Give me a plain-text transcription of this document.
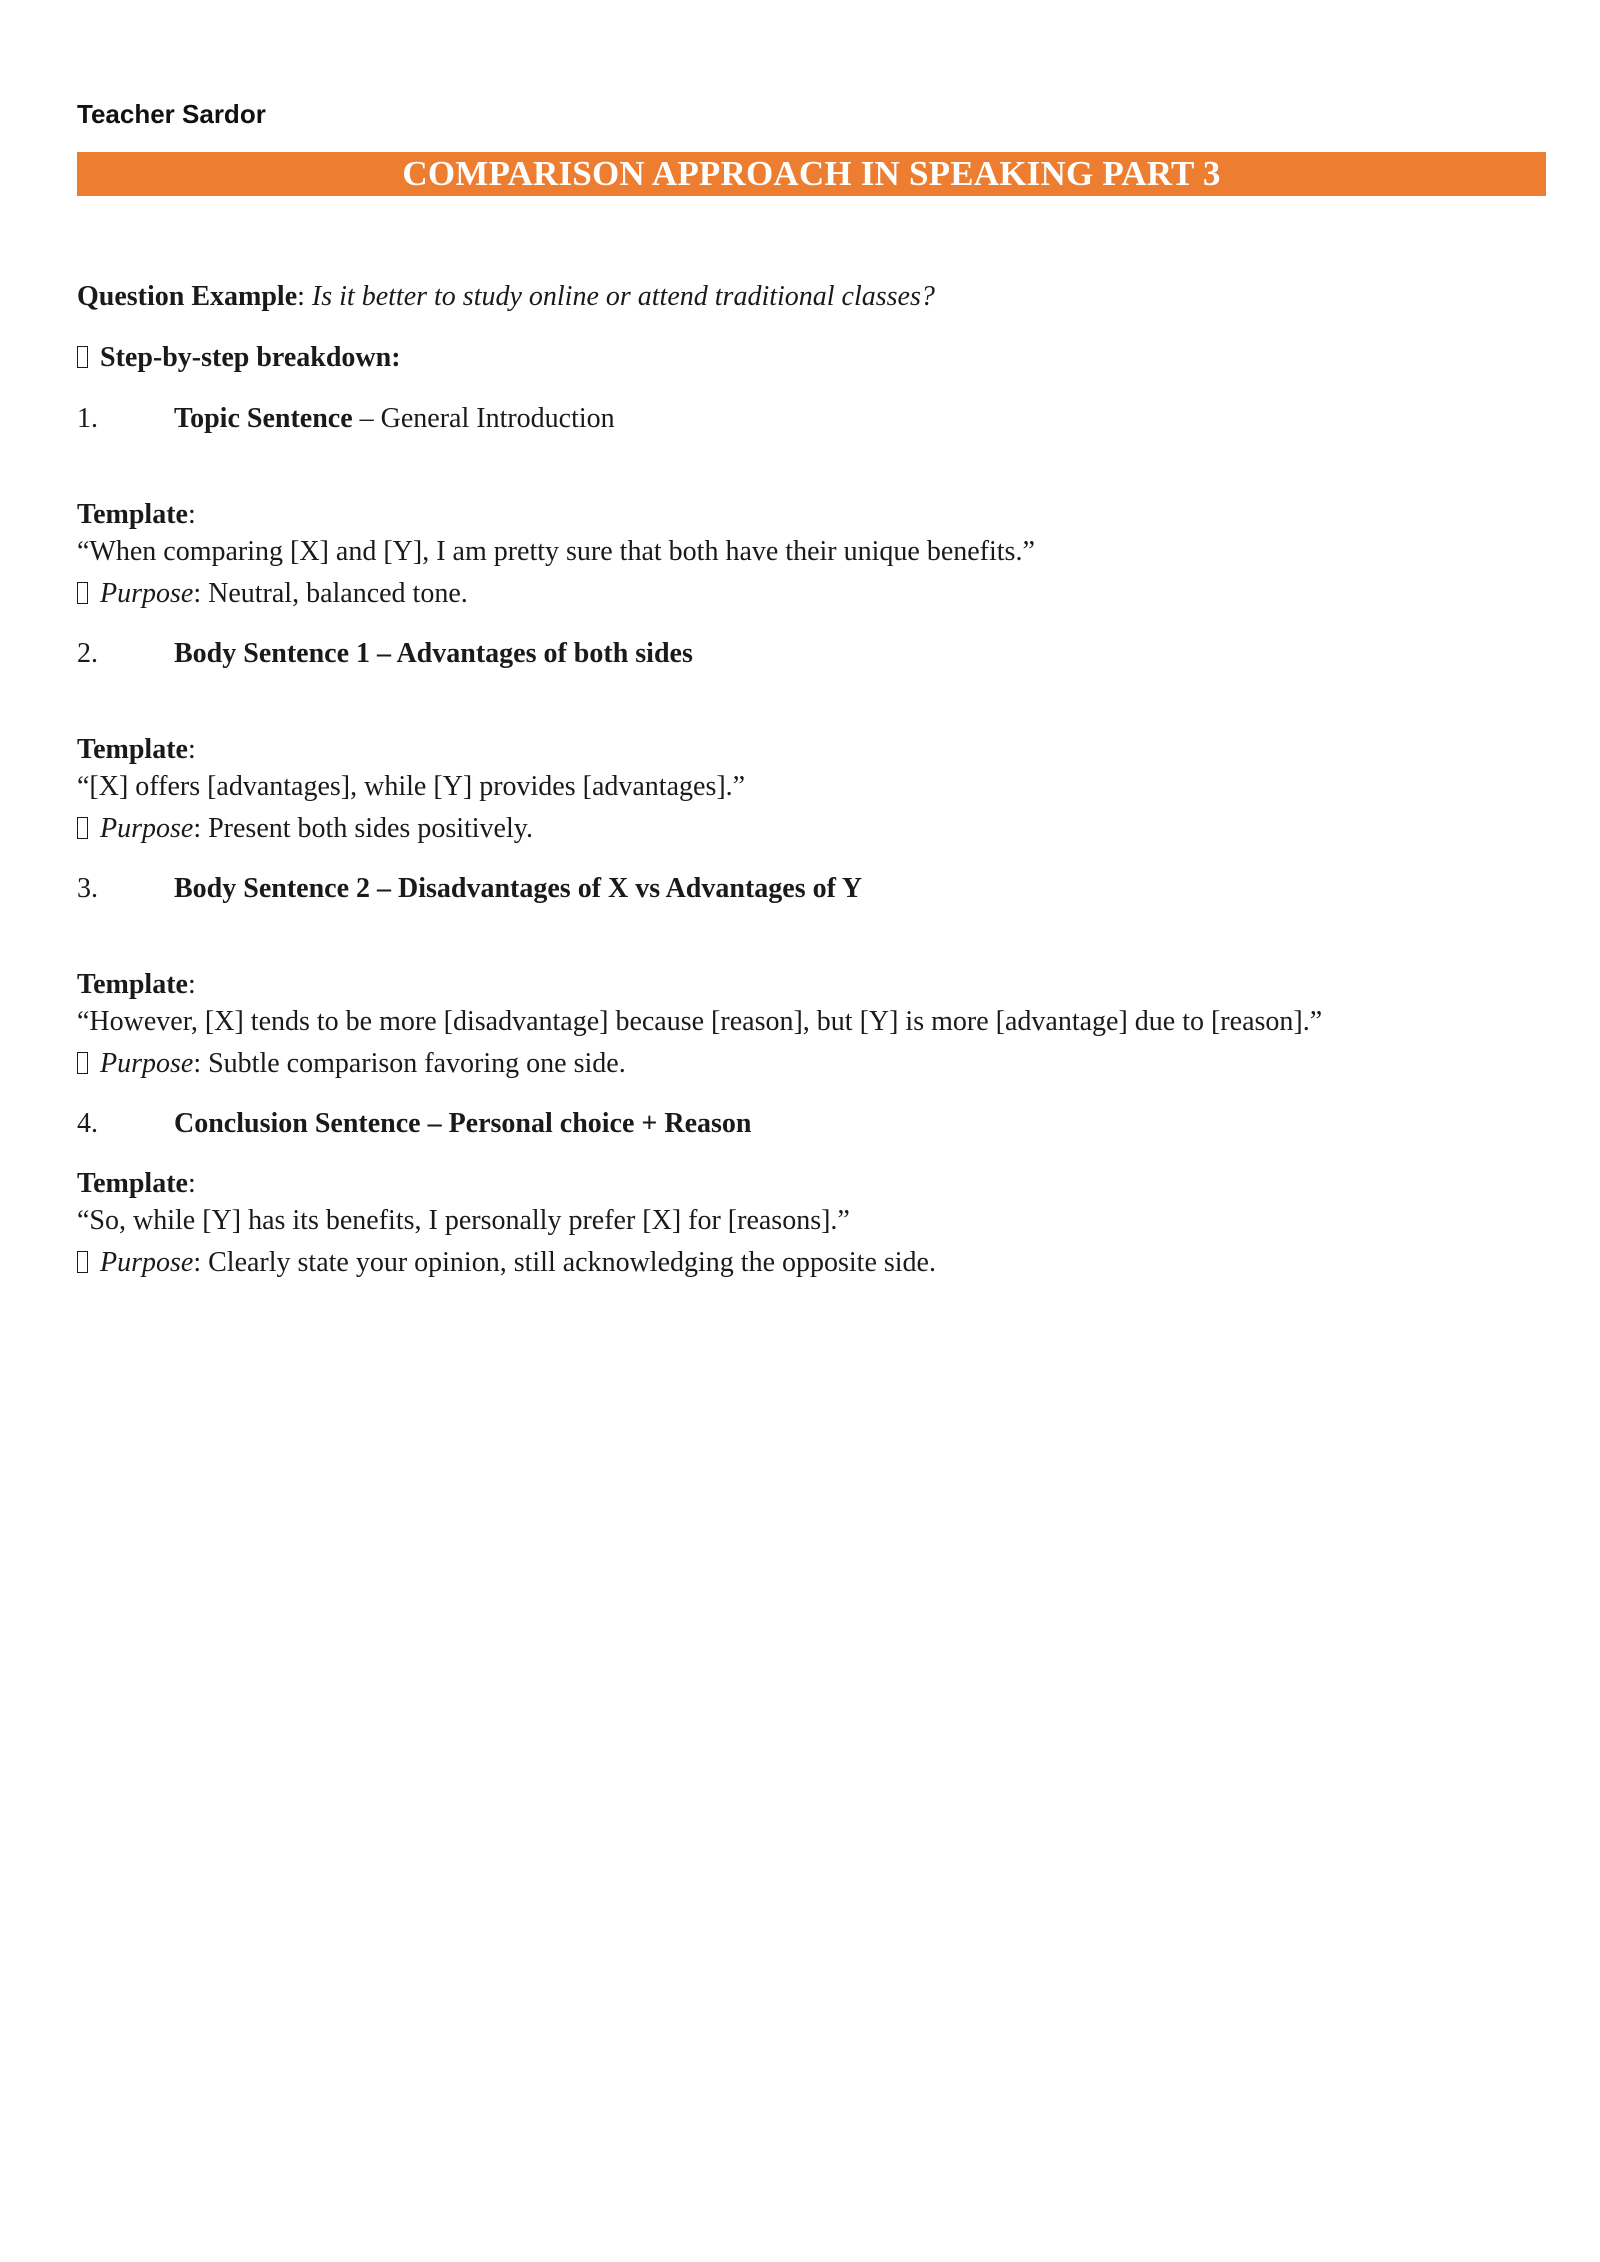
Teacher Sardor
COMPARISON APPROACH IN SPEAKING PART 3
Question Example: Is it better to study online or attend traditional classes?
Step-by-step breakdown:
1.	Topic Sentence – General Introduction
Template:
“When comparing [X] and [Y], I am pretty sure that both have their unique benefits.”
Purpose: Neutral, balanced tone.
2.	Body Sentence 1 – Advantages of both sides
Template:
“[X] offers [advantages], while [Y] provides [advantages].”
Purpose: Present both sides positively.
3.	Body Sentence 2 – Disadvantages of X vs Advantages of Y
Template:
“However, [X] tends to be more [disadvantage] because [reason], but [Y] is more [advantage] due to [reason].”
Purpose: Subtle comparison favoring one side.
4.	Conclusion Sentence – Personal choice + Reason
Template:
“So, while [Y] has its benefits, I personally prefer [X] for [reasons].”
Purpose: Clearly state your opinion, still acknowledging the opposite side.
